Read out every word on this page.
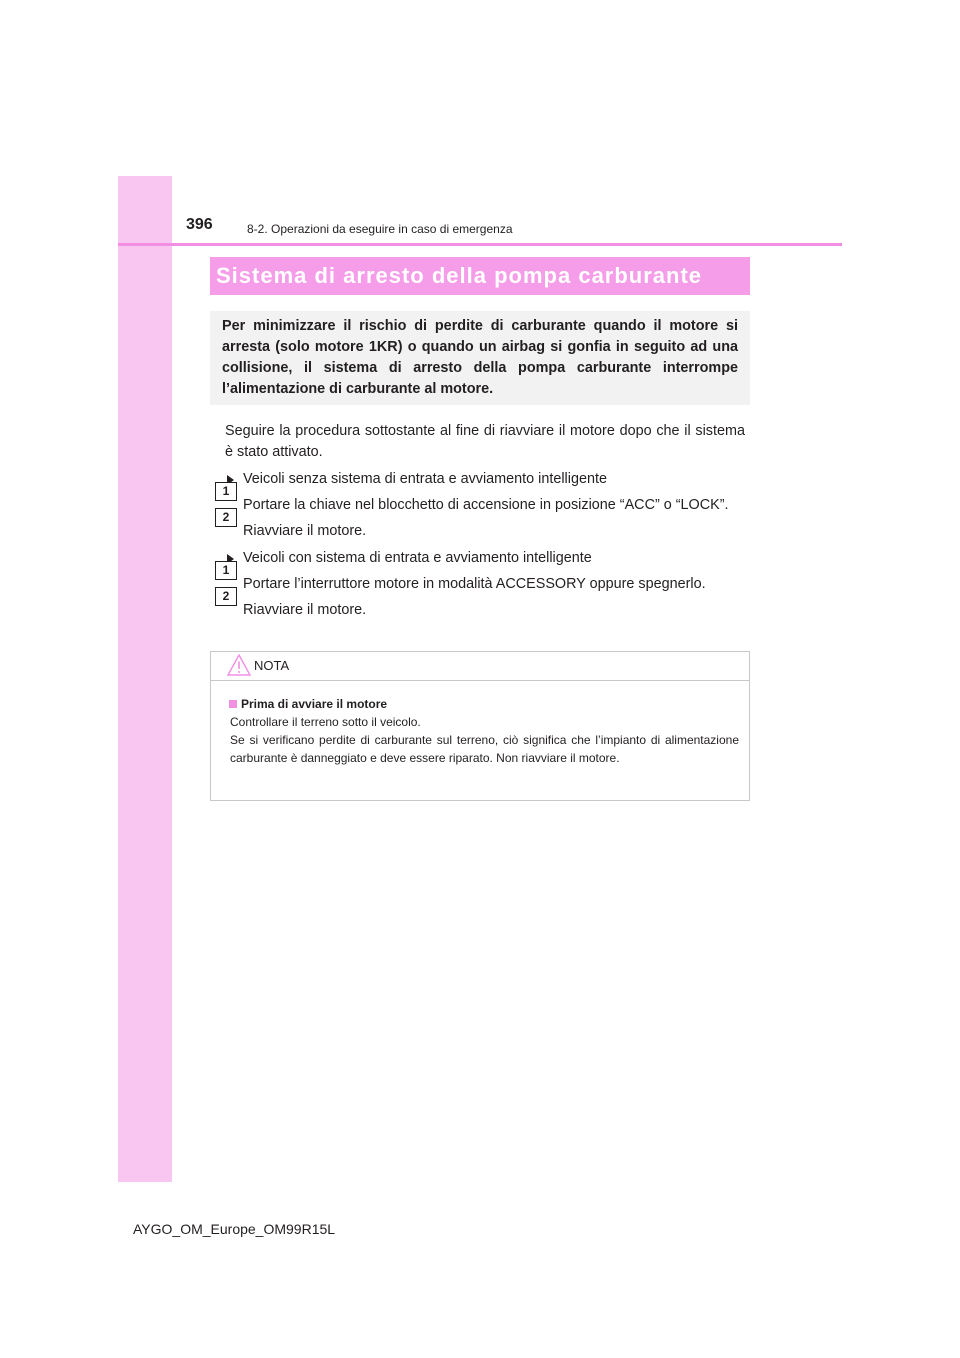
396	8-2. Operazioni da eseguire in caso di emergenza
Sistema di arresto della pompa carburante

Per minimizzare il rischio di perdite di carburante quando il motore si arresta (solo motore 1KR) o quando un airbag si gonfia in seguito ad una collisione, il sistema di arresto della pompa carburante interrompe l’alimentazione di carburante al motore.

Seguire la procedura sottostante al fine di riavviare il motore dopo che il sistema è stato attivato.

Veicoli senza sistema di entrata e avviamento intelligente
1
Portare la chiave nel blocchetto di accensione in posizione “ACC” o “LOCK”.
2
Riavviare il motore.
Veicoli con sistema di entrata e avviamento intelligente
1
Portare l’interruttore motore in modalità ACCESSORY oppure spegnerlo.
2
Riavviare il motore.
NOTA
Prima di avviare il motore

Controllare il terreno sotto il veicolo.

Se si verificano perdite di carburante sul terreno, ciò significa che l’impianto di alimentazione carburante è danneggiato e deve essere riparato. Non riavviare il motore.

AYGO_OM_Europe_OM99R15L
